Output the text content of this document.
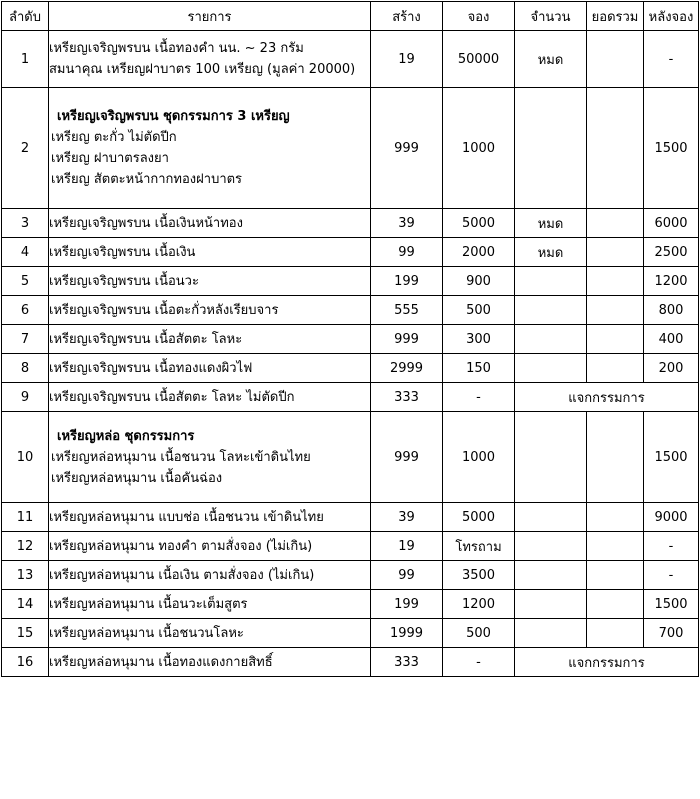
ลำดับ	รายการ	สร้าง	จอง	จำนวน	ยอดรวม	หลังจอง
1	เหรียญเจริญพรบน เนื้อทองคำ นน. ~ 23 กรัม
สมนาคุณ เหรียญฝาบาตร 100 เหรียญ (มูลค่า 20000)	19	50000	หมด		-
2	เหรียญเจริญพรบน ชุดกรรมการ 3 เหรียญ
เหรียญ ตะกั่ว ไม่ตัดปีก
เหรียญ ฝาบาตรลงยา
เหรียญ สัตตะหน้ากากทองฝาบาตร	999	1000			1500
3	เหรียญเจริญพรบน เนื้อเงินหน้าทอง	39	5000	หมด		6000
4	เหรียญเจริญพรบน เนื้อเงิน	99	2000	หมด		2500
5	เหรียญเจริญพรบน เนื้อนวะ	199	900			1200
6	เหรียญเจริญพรบน เนื้อตะกั่วหลังเรียบจาร	555	500			800
7	เหรียญเจริญพรบน เนื้อสัตตะ โลหะ	999	300			400
8	เหรียญเจริญพรบน เนื้อทองแดงผิวไฟ	2999	150			200
9	เหรียญเจริญพรบน เนื้อสัตตะ โลหะ ไม่ตัดปีก	333	-	แจกกรรมการ		
10	เหรียญหล่อ ชุดกรรมการ
เหรียญหล่อหนุมาน เนื้อชนวน โลหะเข้าดินไทย
เหรียญหล่อหนุมาน เนื้อคันฉ่อง	999	1000			1500
11	เหรียญหล่อหนุมาน แบบช่อ เนื้อชนวน เข้าดินไทย	39	5000			9000
12	เหรียญหล่อหนุมาน ทองคำ ตามสั่งจอง (ไม่เกิน)	19	โทรถาม			-
13	เหรียญหล่อหนุมาน เนื้อเงิน ตามสั่งจอง (ไม่เกิน)	99	3500			-
14	เหรียญหล่อหนุมาน เนื้อนวะเต็มสูตร	199	1200			1500
15	เหรียญหล่อหนุมาน เนื้อชนวนโลหะ	1999	500			700
16	เหรียญหล่อหนุมาน เนื้อทองแดงกายสิทธิ์	333	-	แจกกรรมการ		
